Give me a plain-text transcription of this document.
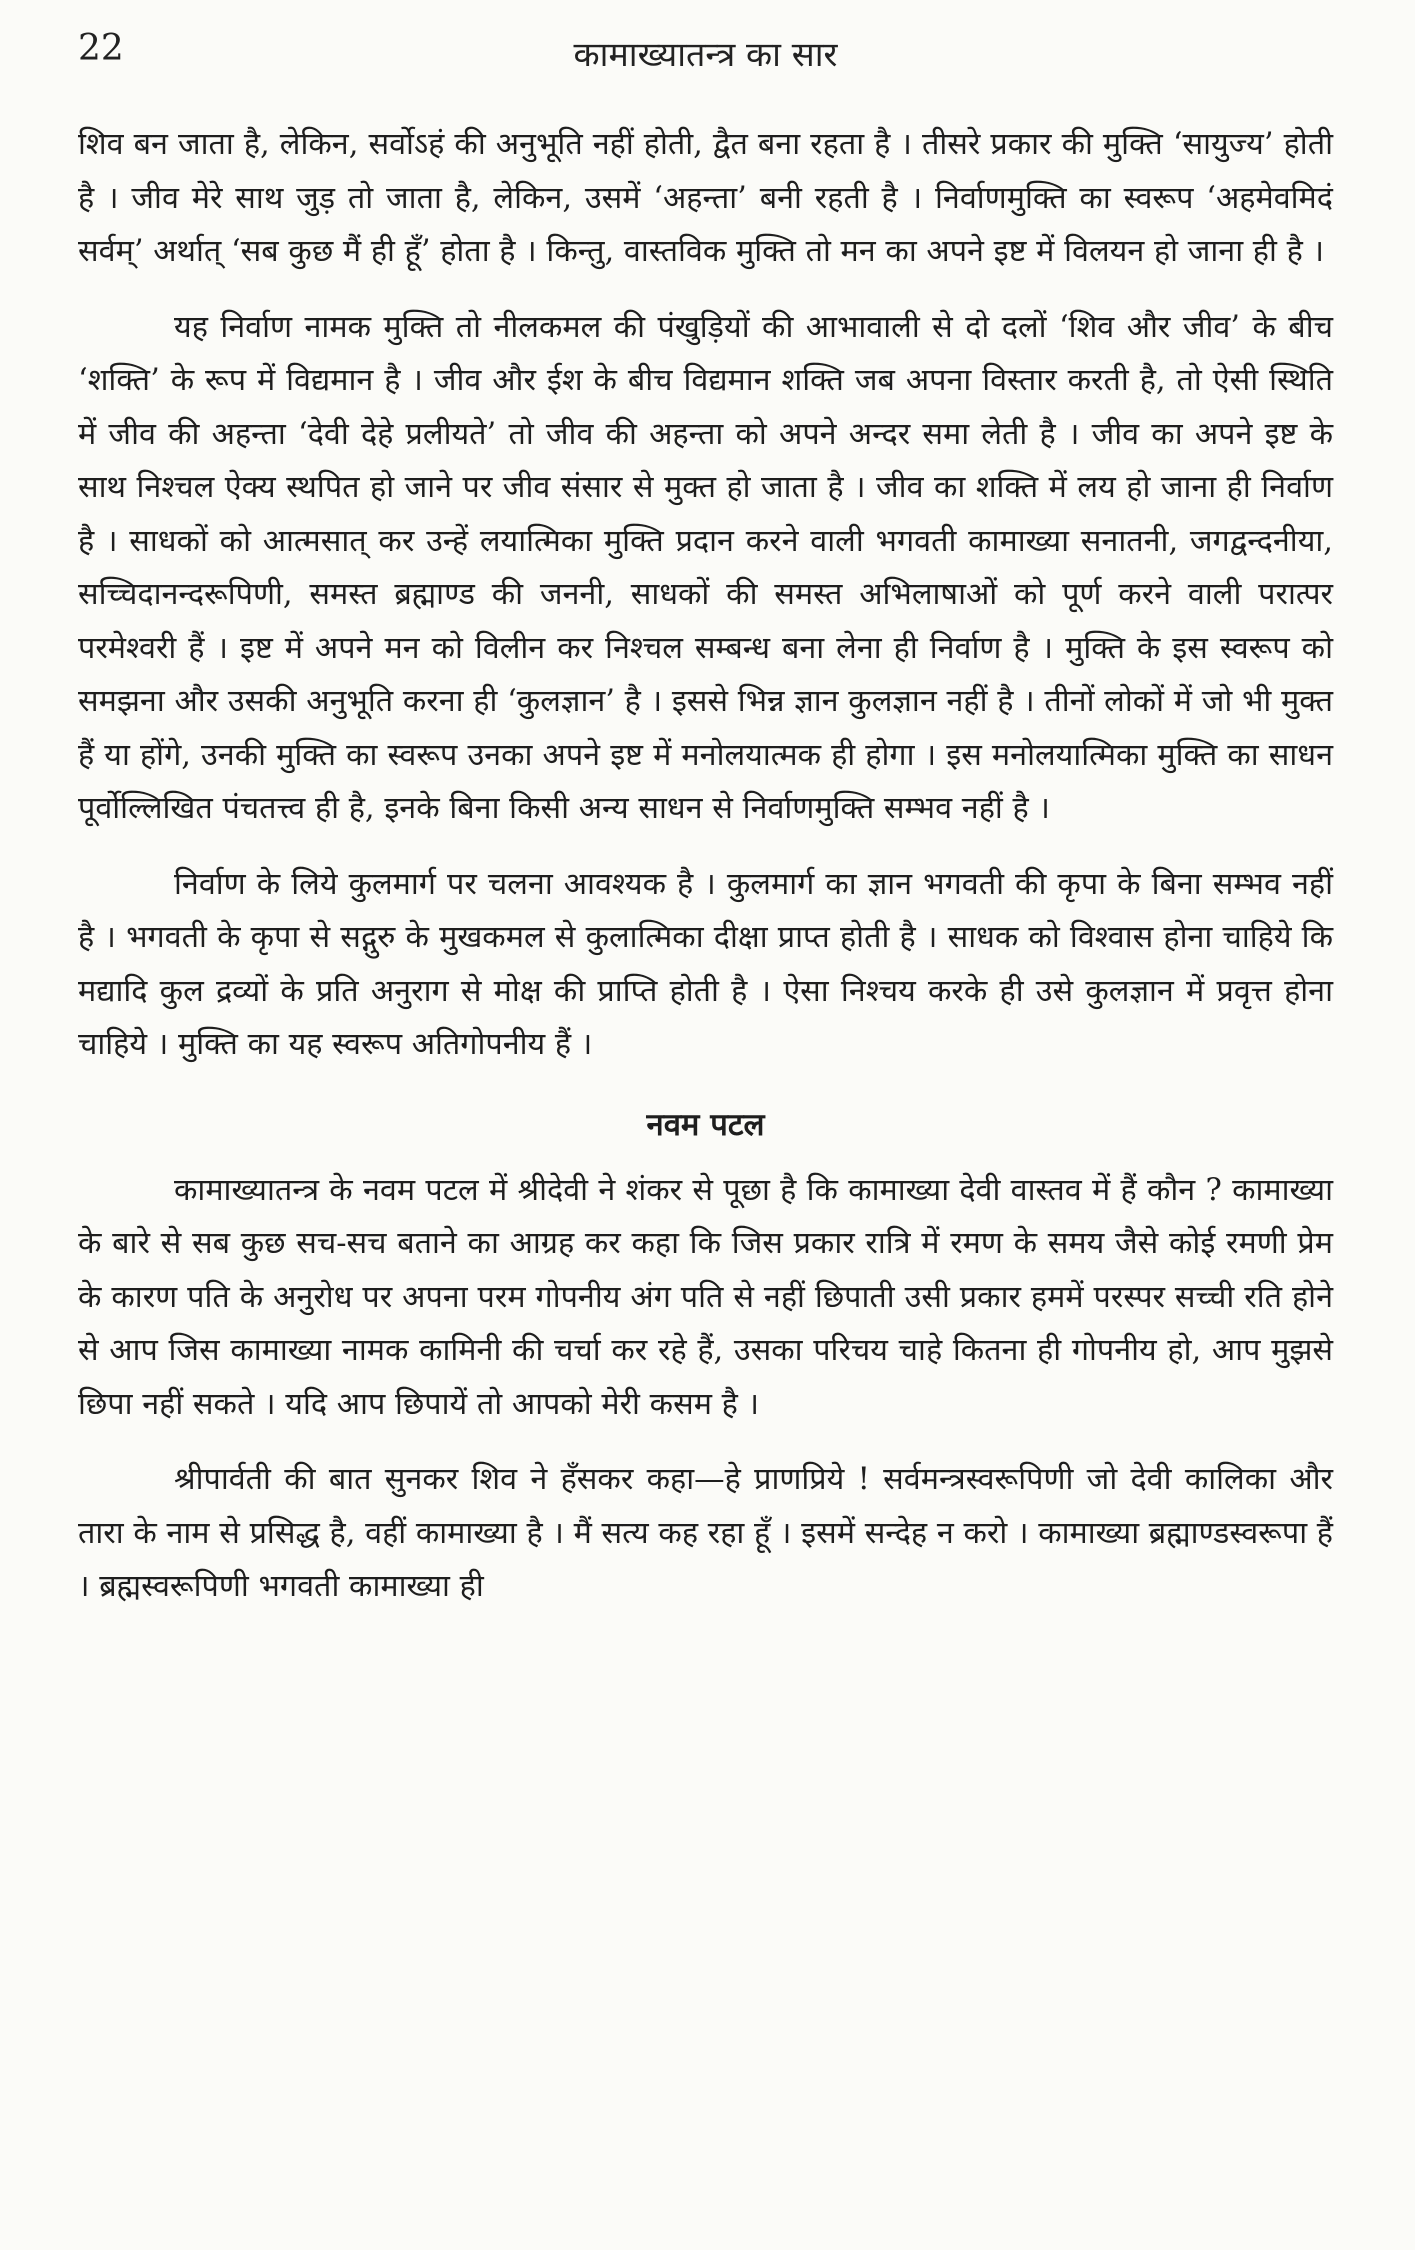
22	कामाख्यातन्त्र का सार

शिव बन जाता है, लेकिन, सर्वोऽहं की अनुभूति नहीं होती, द्वैत बना रहता है । तीसरे प्रकार की मुक्ति ‘सायुज्य’ होती है । जीव मेरे साथ जुड़ तो जाता है, लेकिन, उसमें ‘अहन्ता’ बनी रहती है । निर्वाणमुक्ति का स्वरूप ‘अहमेवमिदं सर्वम्’ अर्थात् ‘सब कुछ मैं ही हूँ’ होता है । किन्तु, वास्तविक मुक्ति तो मन का अपने इष्ट में विलयन हो जाना ही है ।

यह निर्वाण नामक मुक्ति तो नीलकमल की पंखुड़ियों की आभावाली से दो दलों ‘शिव और जीव’ के बीच ‘शक्ति’ के रूप में विद्यमान है । जीव और ईश के बीच विद्यमान शक्ति जब अपना विस्तार करती है, तो ऐसी स्थिति में जीव की अहन्ता ‘देवी देहे प्रलीयते’ तो जीव की अहन्ता को अपने अन्दर समा लेती है । जीव का अपने इष्ट के साथ निश्चल ऐक्य स्थपित हो जाने पर जीव संसार से मुक्त हो जाता है । जीव का शक्ति में लय हो जाना ही निर्वाण है । साधकों को आत्मसात् कर उन्हें लयात्मिका मुक्ति प्रदान करने वाली भगवती कामाख्या सनातनी, जगद्वन्दनीया, सच्चिदानन्दरूपिणी, समस्त ब्रह्माण्ड की जननी, साधकों की समस्त अभिलाषाओं को पूर्ण करने वाली परात्पर परमेश्वरी हैं । इष्ट में अपने मन को विलीन कर निश्चल सम्बन्ध बना लेना ही निर्वाण है । मुक्ति के इस स्वरूप को समझना और उसकी अनुभूति करना ही ‘कुलज्ञान’ है । इससे भिन्न ज्ञान कुलज्ञान नहीं है । तीनों लोकों में जो भी मुक्त हैं या होंगे, उनकी मुक्ति का स्वरूप उनका अपने इष्ट में मनोलयात्मक ही होगा । इस मनोलयात्मिका मुक्ति का साधन पूर्वोल्लिखित पंचतत्त्व ही है, इनके बिना किसी अन्य साधन से निर्वाणमुक्ति सम्भव नहीं है ।

निर्वाण के लिये कुलमार्ग पर चलना आवश्यक है । कुलमार्ग का ज्ञान भगवती की कृपा के बिना सम्भव नहीं है । भगवती के कृपा से सद्गुरु के मुखकमल से कुलात्मिका दीक्षा प्राप्त होती है । साधक को विश्वास होना चाहिये कि मद्यादि कुल द्रव्यों के प्रति अनुराग से मोक्ष की प्राप्ति होती है । ऐसा निश्चय करके ही उसे कुलज्ञान में प्रवृत्त होना चाहिये । मुक्ति का यह स्वरूप अतिगोपनीय हैं ।

नवम पटल

कामाख्यातन्त्र के नवम पटल में श्रीदेवी ने शंकर से पूछा है कि कामाख्या देवी वास्तव में हैं कौन ? कामाख्या के बारे से सब कुछ सच-सच बताने का आग्रह कर कहा कि जिस प्रकार रात्रि में रमण के समय जैसे कोई रमणी प्रेम के कारण पति के अनुरोध पर अपना परम गोपनीय अंग पति से नहीं छिपाती उसी प्रकार हममें परस्पर सच्ची रति होने से आप जिस कामाख्या नामक कामिनी की चर्चा कर रहे हैं, उसका परिचय चाहे कितना ही गोपनीय हो, आप मुझसे छिपा नहीं सकते । यदि आप छिपायें तो आपको मेरी कसम है ।

श्रीपार्वती की बात सुनकर शिव ने हँसकर कहा—हे प्राणप्रिये ! सर्वमन्त्रस्वरूपिणी जो देवी कालिका और तारा के नाम से प्रसिद्ध है, वहीं कामाख्या है । मैं सत्य कह रहा हूँ । इसमें सन्देह न करो । कामाख्या ब्रह्माण्डस्वरूपा हैं । ब्रह्मस्वरूपिणी भगवती कामाख्या ही
